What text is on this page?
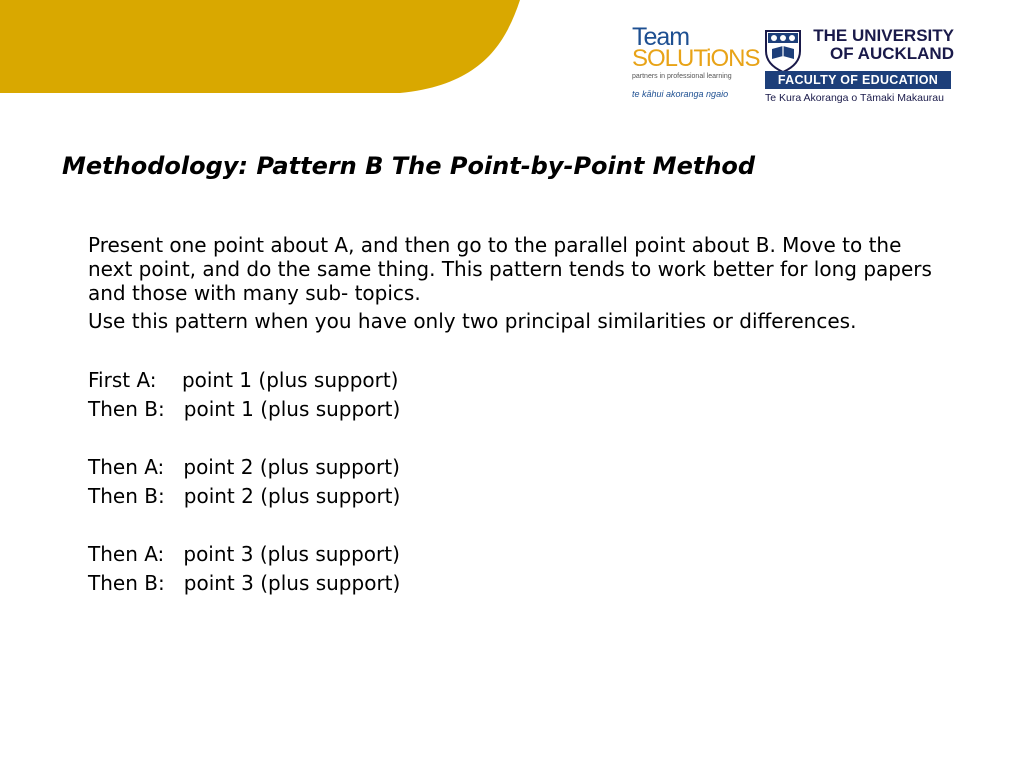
Team
SOLUTiONS
partners in professional learning
te kāhui akoranga ngaio
THE UNIVERSITY
OF AUCKLAND
FACULTY OF EDUCATION
Te Kura Akoranga o Tāmaki Makaurau
Methodology: Pattern B The Point-by-Point Method

Present one point about A, and then go to the parallel point about B. Move to the next point, and do the same thing. This pattern tends to work better for long papers and those with many sub- topics.

Use this pattern when you have only two principal similarities or differences.

First A:    point 1 (plus support)
Then B:   point 1 (plus support)
Then A:   point 2 (plus support)
Then B:   point 2 (plus support)
Then A:   point 3 (plus support)
Then B:   point 3 (plus support)
